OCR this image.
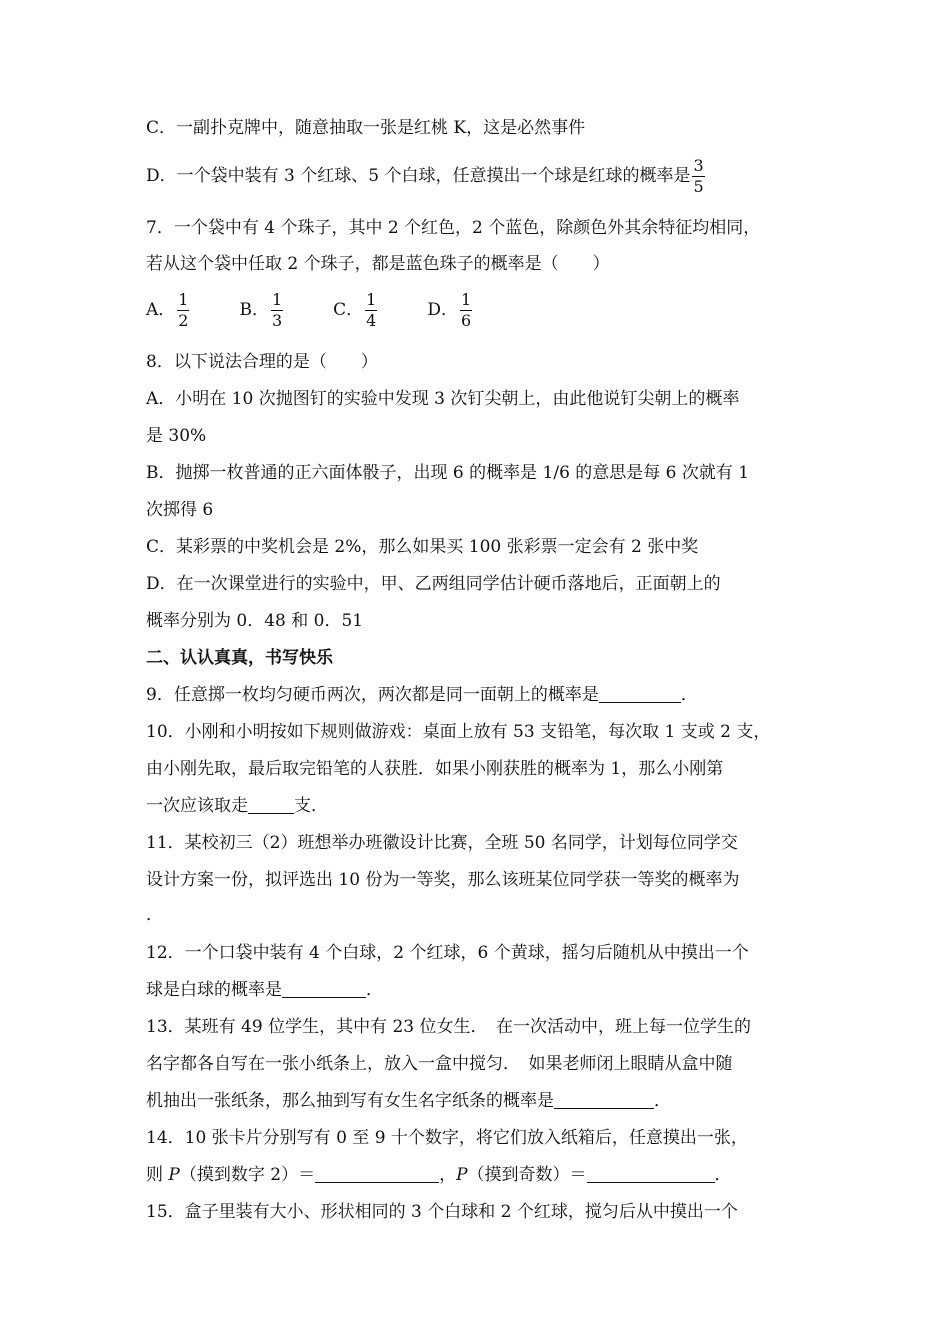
C．一副扑克牌中，随意抽取一张是红桃 K，这是必然事件
D．一个袋中装有 3 个红球、5 个白球，任意摸出一个球是红球的概率是 $\frac{3}{5}$
7．一个袋中有 4 个珠子，其中 2 个红色，2 个蓝色，除颜色外其余特征均相同，
若从这个袋中任取 2 个珠子，都是蓝色珠子的概率是（　　）
A． $\frac{1}{2}$	B． $\frac{1}{3}$	C． $\frac{1}{4}$	D． $\frac{1}{6}$
8．以下说法合理的是（　　）
A．小明在 10 次抛图钉的实验中发现 3 次钉尖朝上，由此他说钉尖朝上的概率
是 30%
B．抛掷一枚普通的正六面体骰子，出现 6 的概率是 1/6 的意思是每 6 次就有 1
次掷得 6
C．某彩票的中奖机会是 2%，那么如果买 100 张彩票一定会有 2 张中奖
D．在一次课堂进行的实验中，甲、乙两组同学估计硬币落地后，正面朝上的
概率分别为 0．48 和 0．51
二、认认真真，书写快乐
9．任意掷一枚均匀硬币两次，两次都是同一面朝上的概率是	．
10．小刚和小明按如下规则做游戏：桌面上放有 53 支铅笔，每次取 1 支或 2 支，
由小刚先取，最后取完铅笔的人获胜．如果小刚获胜的概率为 1，那么小刚第
一次应该取走	支．
11．某校初三（2）班想举办班徽设计比赛，全班 50 名同学，计划每位同学交
设计方案一份，拟评选出 10 份为一等奖，那么该班某位同学获一等奖的概率为
．
12．一个口袋中装有 4 个白球，2 个红球，6 个黄球，摇匀后随机从中摸出一个
球是白球的概率是	．
13．某班有 49 位学生，其中有 23 位女生．　在一次活动中，班上每一位学生的
名字都各自写在一张小纸条上，放入一盒中搅匀．　如果老师闭上眼睛从盒中随
机抽出一张纸条，那么抽到写有女生名字纸条的概率是	．
14．10 张卡片分别写有 0 至 9 十个数字，将它们放入纸箱后，任意摸出一张，
则 P（摸到数字 2）＝	，P（摸到奇数）＝	．
15．盒子里装有大小、形状相同的 3 个白球和 2 个红球，搅匀后从中摸出一个
